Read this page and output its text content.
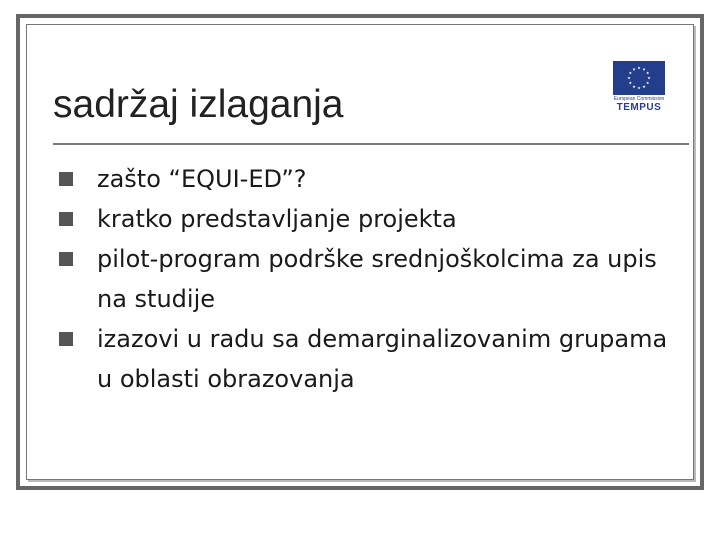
sadržaj izlaganja	European Commission
TEMPUS
zašto “EQUI-ED”?
kratko predstavljanje projekta
pilot-program podrške srednjoškolcima za upis na studije
izazovi u radu sa demarginalizovanim grupama u oblasti obrazovanja
